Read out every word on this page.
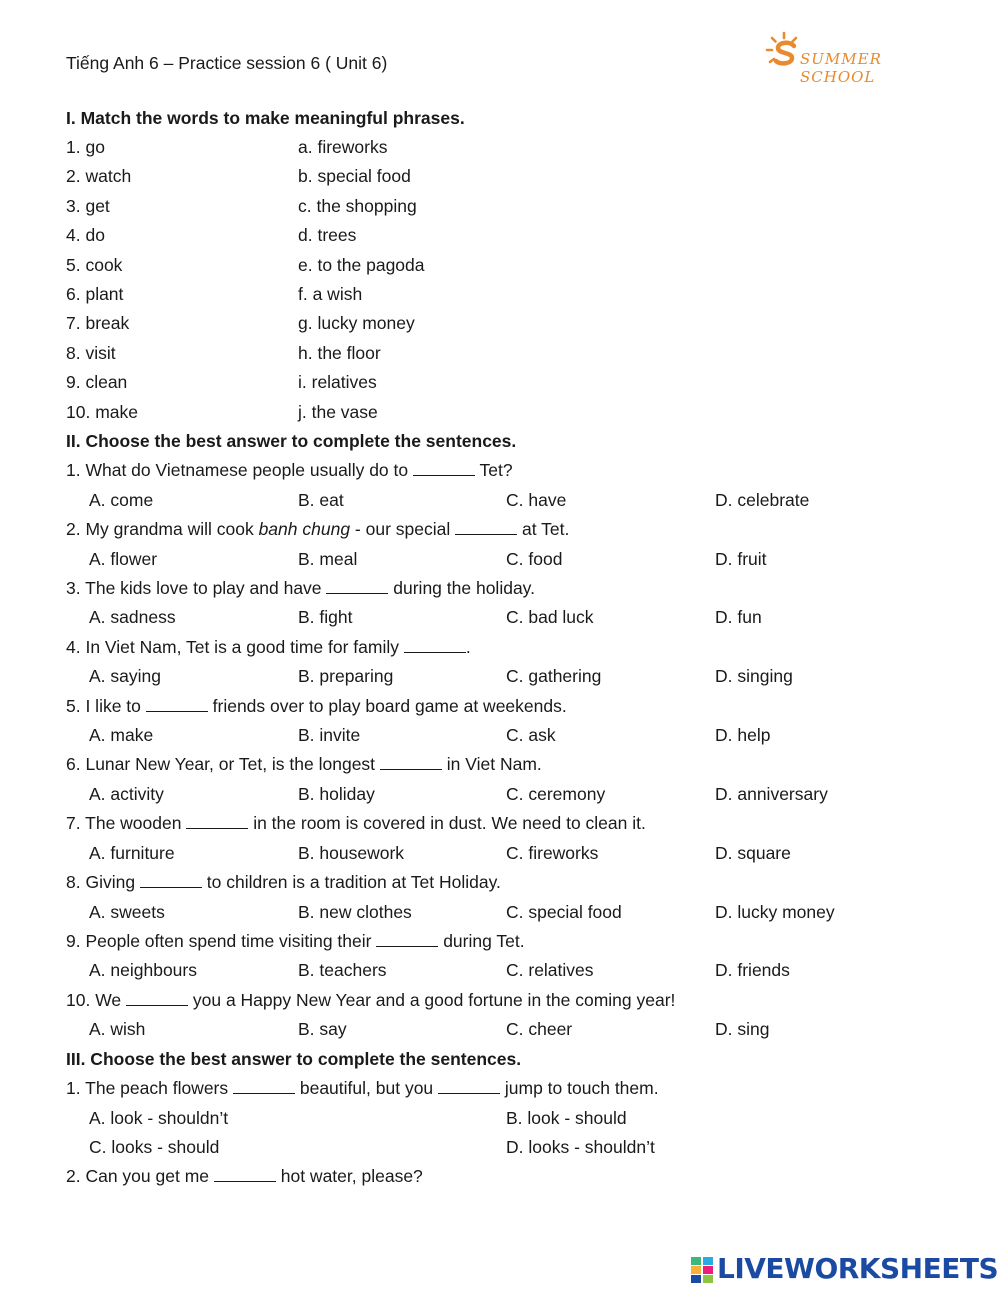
Tiếng Anh 6 – Practice session 6 ( Unit 6)	SUMMER SCHOOL
I. Match the words to make meaningful phrases.
1. go	a. fireworks
2. watch	b. special food
3. get	c. the shopping
4. do	d. trees
5. cook	e. to the pagoda
6. plant	f. a wish
7. break	g. lucky money
8. visit	h. the floor
9. clean	i. relatives
10. make	j. the vase
II. Choose the best answer to complete the sentences.
1. What do Vietnamese people usually do to	Tet?
A. come	B. eat	C. have	D. celebrate
2. My grandma will cook banh chung - our special	at Tet.
A. flower	B. meal	C. food	D. fruit
3. The kids love to play and have	during the holiday.
A. sadness	B. fight	C. bad luck	D. fun
4. In Viet Nam, Tet is a good time for family	.
A. saying	B. preparing	C. gathering	D. singing
5. I like to	friends over to play board game at weekends.
A. make	B. invite	C. ask	D. help
6. Lunar New Year, or Tet, is the longest	in Viet Nam.
A. activity	B. holiday	C. ceremony	D. anniversary
7. The wooden	in the room is covered in dust. We need to clean it.
A. furniture	B. housework	C. fireworks	D. square
8. Giving	to children is a tradition at Tet Holiday.
A. sweets	B. new clothes	C. special food	D. lucky money
9. People often spend time visiting their	during Tet.
A. neighbours	B. teachers	C. relatives	D. friends
10. We	you a Happy New Year and a good fortune in the coming year!
A. wish	B. say	C. cheer	D. sing
III. Choose the best answer to complete the sentences.
1. The peach flowers	beautiful, but you	jump to touch them.
A. look - shouldn’t	B. look - should
C. looks - should	D. looks - shouldn’t
2. Can you get me	hot water, please?
LIVEWORKSHEETS
